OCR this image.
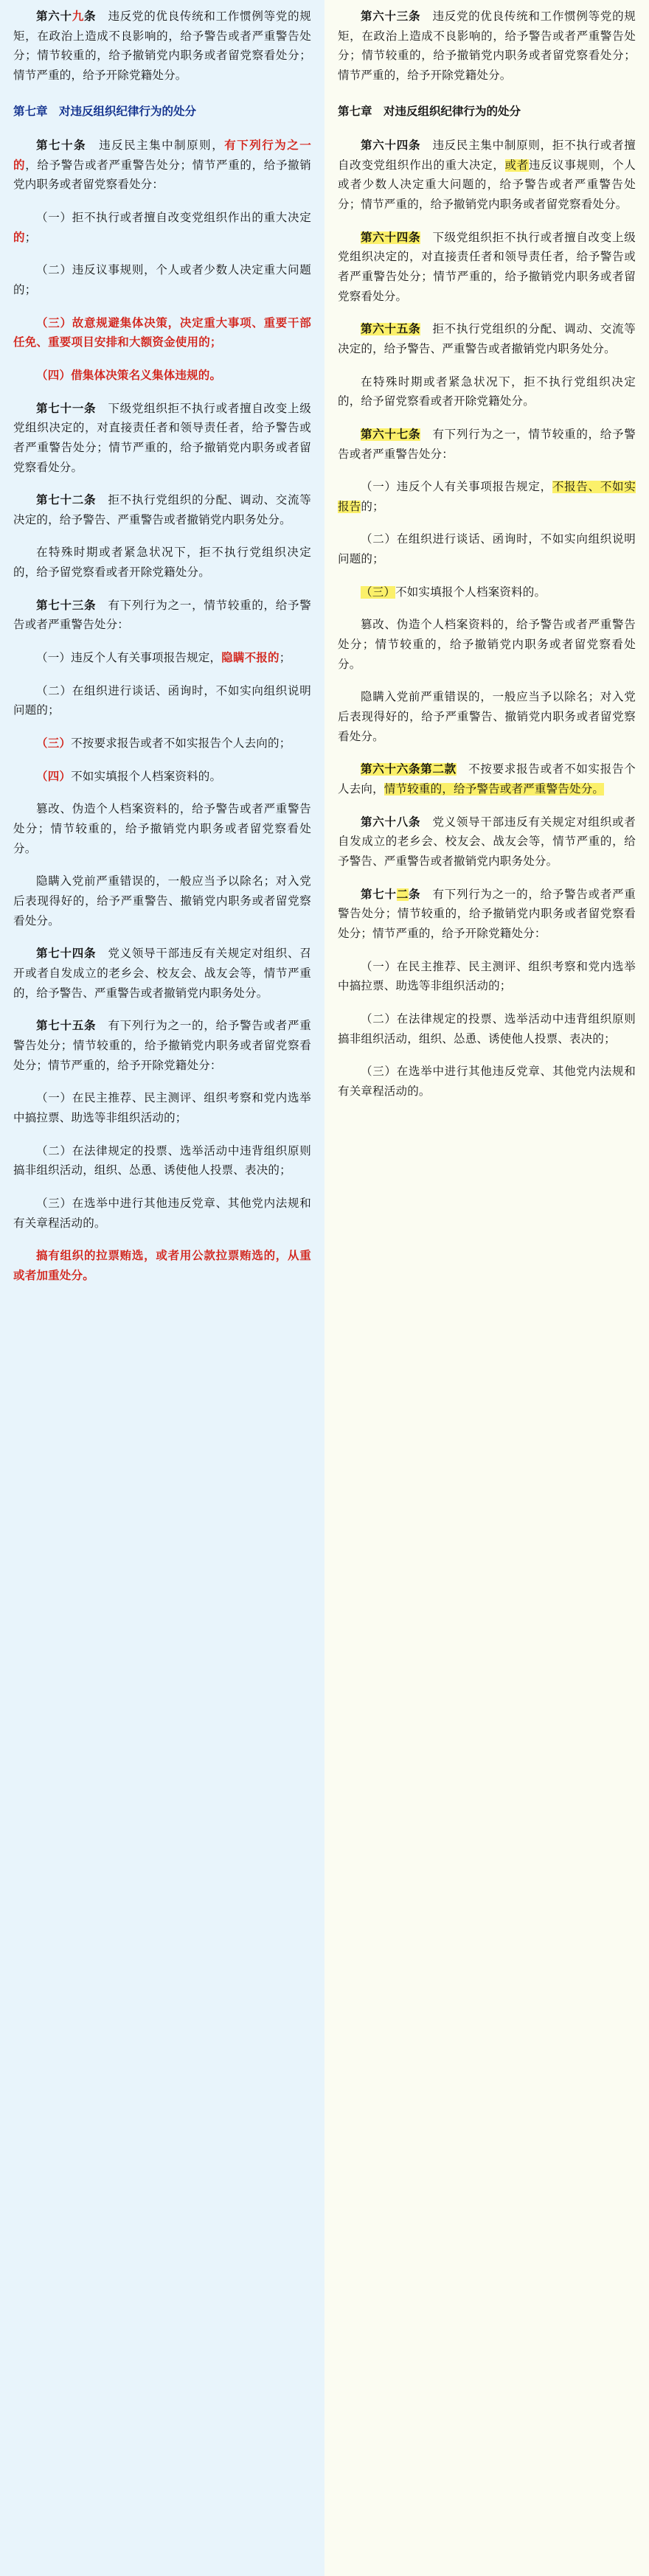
第六十九条　违反党的优良传统和工作惯例等党的规矩，在政治上造成不良影响的，给予警告或者严重警告处分；情节较重的，给予撤销党内职务或者留党察看处分；情节严重的，给予开除党籍处分。

第七章　对违反组织纪律行为的处分

第七十条　违反民主集中制原则，有下列行为之一的，给予警告或者严重警告处分；情节严重的，给予撤销党内职务或者留党察看处分：

（一）拒不执行或者擅自改变党组织作出的重大决定的；

（二）违反议事规则，个人或者少数人决定重大问题的；

（三）故意规避集体决策，决定重大事项、重要干部任免、重要项目安排和大额资金使用的；

（四）借集体决策名义集体违规的。

第七十一条　下级党组织拒不执行或者擅自改变上级党组织决定的，对直接责任者和领导责任者，给予警告或者严重警告处分；情节严重的，给予撤销党内职务或者留党察看处分。

第七十二条　拒不执行党组织的分配、调动、交流等决定的，给予警告、严重警告或者撤销党内职务处分。

在特殊时期或者紧急状况下，拒不执行党组织决定的，给予留党察看或者开除党籍处分。

第七十三条　有下列行为之一，情节较重的，给予警告或者严重警告处分：

（一）违反个人有关事项报告规定，隐瞒不报的；

（二）在组织进行谈话、函询时，不如实向组织说明问题的；

（三）不按要求报告或者不如实报告个人去向的；

（四）不如实填报个人档案资料的。

篡改、伪造个人档案资料的，给予警告或者严重警告处分；情节较重的，给予撤销党内职务或者留党察看处分。

隐瞒入党前严重错误的，一般应当予以除名；对入党后表现得好的，给予严重警告、撤销党内职务或者留党察看处分。

第七十四条　党义领导干部违反有关规定对组织、召开或者自发成立的老乡会、校友会、战友会等，情节严重的，给予警告、严重警告或者撤销党内职务处分。

第七十五条　有下列行为之一的，给予警告或者严重警告处分；情节较重的，给予撤销党内职务或者留党察看处分；情节严重的，给予开除党籍处分：

（一）在民主推荐、民主测评、组织考察和党内选举中搞拉票、助选等非组织活动的；

（二）在法律规定的投票、选举活动中违背组织原则搞非组织活动，组织、怂恿、诱使他人投票、表决的；

（三）在选举中进行其他违反党章、其他党内法规和有关章程活动的。

搞有组织的拉票贿选，或者用公款拉票贿选的，从重或者加重处分。

第六十三条　违反党的优良传统和工作惯例等党的规矩，在政治上造成不良影响的，给予警告或者严重警告处分；情节较重的，给予撤销党内职务或者留党察看处分；情节严重的，给予开除党籍处分。

第七章　对违反组织纪律行为的处分

第六十四条　违反民主集中制原则，拒不执行或者擅自改变党组织作出的重大决定，或者违反议事规则，个人或者少数人决定重大问题的，给予警告或者严重警告处分；情节严重的，给予撤销党内职务或者留党察看处分。

第六十四条　下级党组织拒不执行或者擅自改变上级党组织决定的，对直接责任者和领导责任者，给予警告或者严重警告处分；情节严重的，给予撤销党内职务或者留党察看处分。

第六十五条　拒不执行党组织的分配、调动、交流等决定的，给予警告、严重警告或者撤销党内职务处分。

在特殊时期或者紧急状况下，拒不执行党组织决定的，给予留党察看或者开除党籍处分。

第六十七条　有下列行为之一，情节较重的，给予警告或者严重警告处分：

（一）违反个人有关事项报告规定，不报告、不如实报告的；

（二）在组织进行谈话、函询时，不如实向组织说明问题的；

（三）不如实填报个人档案资料的。

篡改、伪造个人档案资料的，给予警告或者严重警告处分；情节较重的，给予撤销党内职务或者留党察看处分。

隐瞒入党前严重错误的，一般应当予以除名；对入党后表现得好的，给予严重警告、撤销党内职务或者留党察看处分。

第六十六条第二款　不按要求报告或者不如实报告个人去向，情节较重的，给予警告或者严重警告处分。

第六十八条　党义领导干部违反有关规定对组织或者自发成立的老乡会、校友会、战友会等，情节严重的，给予警告、严重警告或者撤销党内职务处分。

第七十二条　有下列行为之一的，给予警告或者严重警告处分；情节较重的，给予撤销党内职务或者留党察看处分；情节严重的，给予开除党籍处分：

（一）在民主推荐、民主测评、组织考察和党内选举中搞拉票、助选等非组织活动的；

（二）在法律规定的投票、选举活动中违背组织原则搞非组织活动，组织、怂恿、诱使他人投票、表决的；

（三）在选举中进行其他违反党章、其他党内法规和有关章程活动的。
